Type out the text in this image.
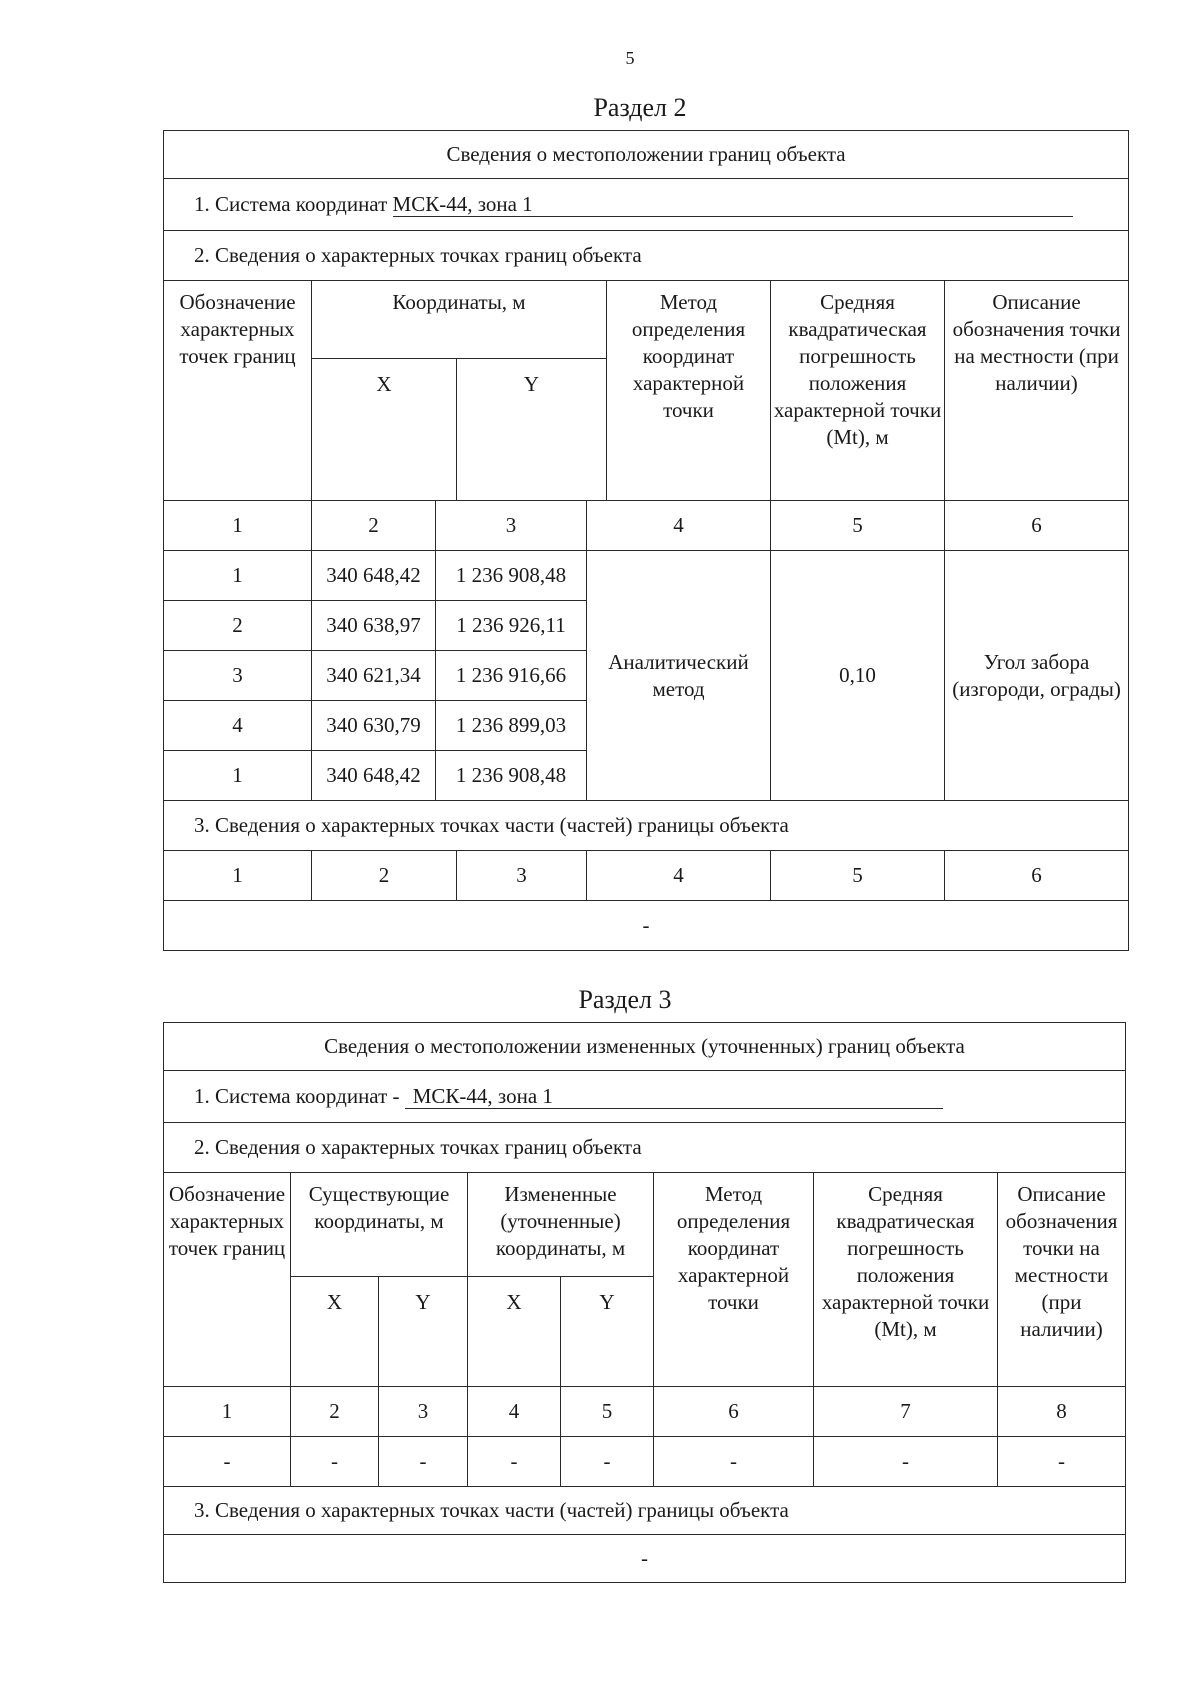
5
Раздел 2
Сведения о местоположении границ объекта							
1. Система координат МСК-44, зона 1							
2. Сведения о характерных точках границ объекта							
Обозначение характерных точек границ	Координаты, м				Метод определения координат характерной точки	Средняя квадратическая погрешность положения характерной точки (Mt), м	Описание обозначения точки на местности (при наличии)
	X		Y				
1	2	3		4		5	6
1	340 648,42	1 236 908,48		Аналитический метод		0,10	Угол забора (изгороди, ограды)
2	340 638,97	1 236 926,11					
3	340 621,34	1 236 916,66					
4	340 630,79	1 236 899,03					
1	340 648,42	1 236 908,48					
3. Сведения о характерных точках части (частей) границы объекта							
1	2		3	4		5	6
-							
Раздел 3
Сведения о местоположении измененных (уточненных) границ объекта							
1. Система координат - МСК-44, зона 1							
2. Сведения о характерных точках границ объекта							
Обозначение характерных точек границ	Существующие координаты, м		Измененные (уточненные) координаты, м		Метод определения координат характерной точки	Средняя квадратическая погрешность положения характерной точки (Mt), м	Описание обозначения точки на местности (при наличии)
	X	Y	X	Y			
1	2	3	4	5	6	7	8
-	-	-	-	-	-	-	-
3. Сведения о характерных точках части (частей) границы объекта							
-							
